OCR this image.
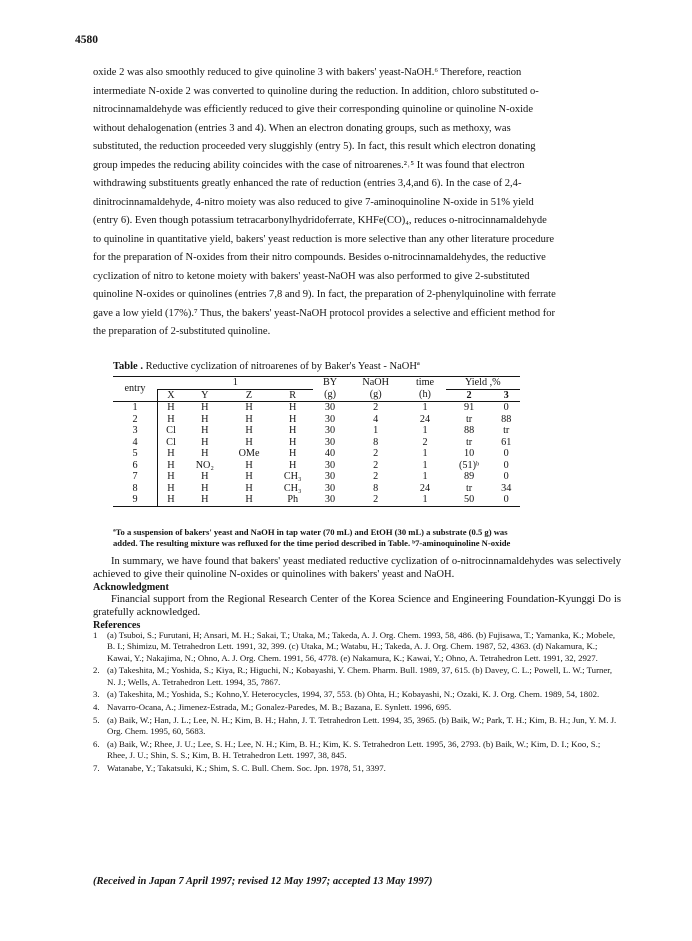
4580
oxide 2 was also smoothly reduced to give quinoline 3 with bakers' yeast-NaOH.⁶ Therefore, reaction
intermediate N-oxide 2 was converted to quinoline during the reduction. In addition, chloro substituted o-
nitrocinnamaldehyde was efficiently reduced to give their corresponding quinoline or quinoline N-oxide
without dehalogenation (entries 3 and 4). When an electron donating groups, such as methoxy, was
substituted, the reduction proceeded very sluggishly (entry 5). In fact, this result which electron donating
group impedes the reducing ability coincides with the case of nitroarenes.²˒⁵ It was found that electron
withdrawing substituents greatly enhanced the rate of reduction (entries 3,4,and 6). In the case of 2,4-
dinitrocinnamaldehyde, 4-nitro moiety was also reduced to give 7-aminoquinoline N-oxide in 51% yield
(entry 6). Even though potassium tetracarbonylhydridoferrate, KHFe(CO)₄, reduces o-nitrocinnamaldehyde
to quinoline in quantitative yield, bakers' yeast reduction is more selective than any other literature procedure
for the preparation of N-oxides from their nitro compounds. Besides o-nitrocinnamaldehydes, the reductive
cyclization of nitro to ketone moiety with bakers' yeast-NaOH was also performed to give 2-substituted
quinoline N-oxides or quinolines (entries 7,8 and 9). In fact, the preparation of 2-phenylquinoline with ferrate
gave a low yield (17%).⁷ Thus, the bakers' yeast-NaOH protocol provides a selective and efficient method for
the preparation of 2-substituted quinoline.
Table . Reductive cyclization of nitroarenes of by Baker's Yeast - NaOHª
entry	1				BY	NaOH	time	Yield ,%	
	X	Y	Z	R	(g)	(g)	(h)	2	3
1	H	H	H	H	30	2	1	91	0
2	H	H	H	H	30	4	24	tr	88
3	Cl	H	H	H	30	1	1	88	tr
4	Cl	H	H	H	30	8	2	tr	61
5	H	H	OMe	H	40	2	1	10	0
6	H	NO₂	H	H	30	2	1	(51)ᵇ	0
7	H	H	H	CH₃	30	2	1	89	0
8	H	H	H	CH₃	30	8	24	tr	34
9	H	H	H	Ph	30	2	1	50	0
ªTo a suspension of bakers' yeast and NaOH in tap water (70 mL) and EtOH (30 mL) a substrate (0.5 g) was
added. The resulting mixture was refluxed for the time period described in Table. ᵇ7-aminoquinoline N-oxide

In summary, we have found that bakers' yeast mediated reductive cyclization of o-nitrocinnamaldehydes was selectively achieved to give their quinoline N-oxides or quinolines with bakers' yeast and NaOH.

Acknowledgment

Financial support from the Regional Research Center of the Korea Science and Engineering Foundation-Kyunggi Do is gratefully acknowledged.

References

1	(a) Tsuboi, S.; Furutani, H; Ansari, M. H.; Sakai, T.; Utaka, M.; Takeda, A. J. Org. Chem. 1993, 58, 486. (b) Fujisawa, T.; Yamanka, K.; Mobele, B. I.; Shimizu, M. Tetrahedron Lett. 1991, 32, 399. (c) Utaka, M.; Watabu, H.; Takeda, A. J. Org. Chem. 1987, 52, 4363. (d) Nakamura, K.; Kawai, Y.; Nakajima, N.; Ohno, A. J. Org. Chem. 1991, 56, 4778. (e) Nakamura, K.; Kawai, Y.; Ohno, A. Tetrahedron Lett. 1991, 32, 2927.
2. (a) Takeshita, M.; Yoshida, S.; Kiya, R.; Higuchi, N.; Kobayashi, Y. Chem. Pharm. Bull. 1989, 37, 615. (b) Davey, C. L.; Powell, L. W.; Turner, N. J.; Wells, A. Tetrahedron Lett. 1994, 35, 7867.
3. (a) Takeshita, M.; Yoshida, S.; Kohno,Y. Heterocycles, 1994, 37, 553. (b) Ohta, H.; Kobayashi, N.; Ozaki, K. J. Org. Chem. 1989, 54, 1802.
4. Navarro-Ocana, A.; Jimenez-Estrada, M.; Gonalez-Paredes, M. B.; Bazana, E. Synlett. 1996, 695.
5. (a) Baik, W.; Han, J. L.; Lee, N. H.; Kim, B. H.; Hahn, J. T. Tetrahedron Lett. 1994, 35, 3965. (b) Baik, W.; Park, T. H.; Kim, B. H.; Jun, Y. M. J. Org. Chem. 1995, 60, 5683.
6. (a) Baik, W.; Rhee, J. U.; Lee, S. H.; Lee, N. H.; Kim, B. H.; Kim, K. S. Tetrahedron Lett. 1995, 36, 2793. (b) Baik, W.; Kim, D. I.; Koo, S.; Rhee, J. U.; Shin, S. S.; Kim, B. H. Tetrahedron Lett. 1997, 38, 845.
7. Watanabe, Y.; Takatsuki, K.; Shim, S. C. Bull. Chem. Soc. Jpn. 1978, 51, 3397.
(Received in Japan 7 April 1997; revised 12 May 1997; accepted 13 May 1997)
